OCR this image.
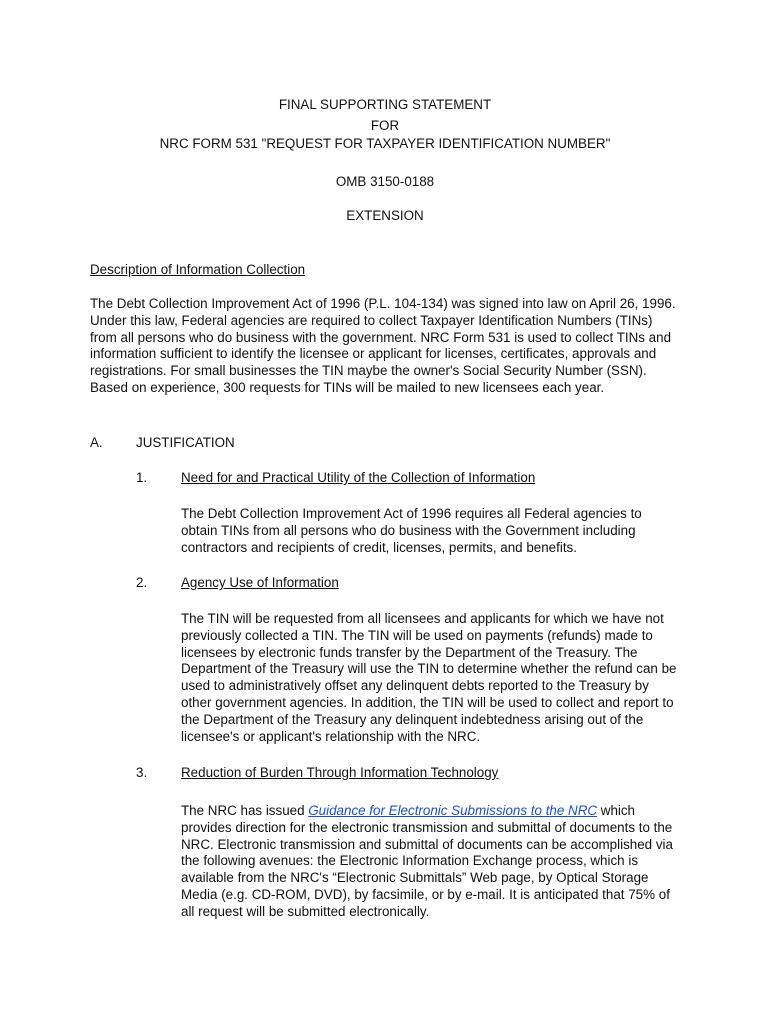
FINAL SUPPORTING STATEMENT
FOR
NRC FORM 531 "REQUEST FOR TAXPAYER IDENTIFICATION NUMBER"
OMB 3150-0188
EXTENSION
Description of Information Collection
The Debt Collection Improvement Act of 1996 (P.L. 104-134) was signed into law on April 26, 1996. Under this law, Federal agencies are required to collect Taxpayer Identification Numbers (TINs) from all persons who do business with the government. NRC Form 531 is used to collect TINs and information sufficient to identify the licensee or applicant for licenses, certificates, approvals and registrations. For small businesses the TIN maybe the owner's Social Security Number (SSN). Based on experience, 300 requests for TINs will be mailed to new licensees each year.
A. JUSTIFICATION
1.	Need for and Practical Utility of the Collection of Information
The Debt Collection Improvement Act of 1996 requires all Federal agencies to obtain TINs from all persons who do business with the Government including contractors and recipients of credit, licenses, permits, and benefits.
2.	Agency Use of Information
The TIN will be requested from all licensees and applicants for which we have not previously collected a TIN. The TIN will be used on payments (refunds) made to licensees by electronic funds transfer by the Department of the Treasury. The Department of the Treasury will use the TIN to determine whether the refund can be used to administratively offset any delinquent debts reported to the Treasury by other government agencies. In addition, the TIN will be used to collect and report to the Department of the Treasury any delinquent indebtedness arising out of the licensee's or applicant's relationship with the NRC.
3.	Reduction of Burden Through Information Technology
The NRC has issued Guidance for Electronic Submissions to the NRC which provides direction for the electronic transmission and submittal of documents to the NRC. Electronic transmission and submittal of documents can be accomplished via the following avenues: the Electronic Information Exchange process, which is available from the NRC's “Electronic Submittals” Web page, by Optical Storage Media (e.g. CD-ROM, DVD), by facsimile, or by e-mail. It is anticipated that 75% of all request will be submitted electronically.
